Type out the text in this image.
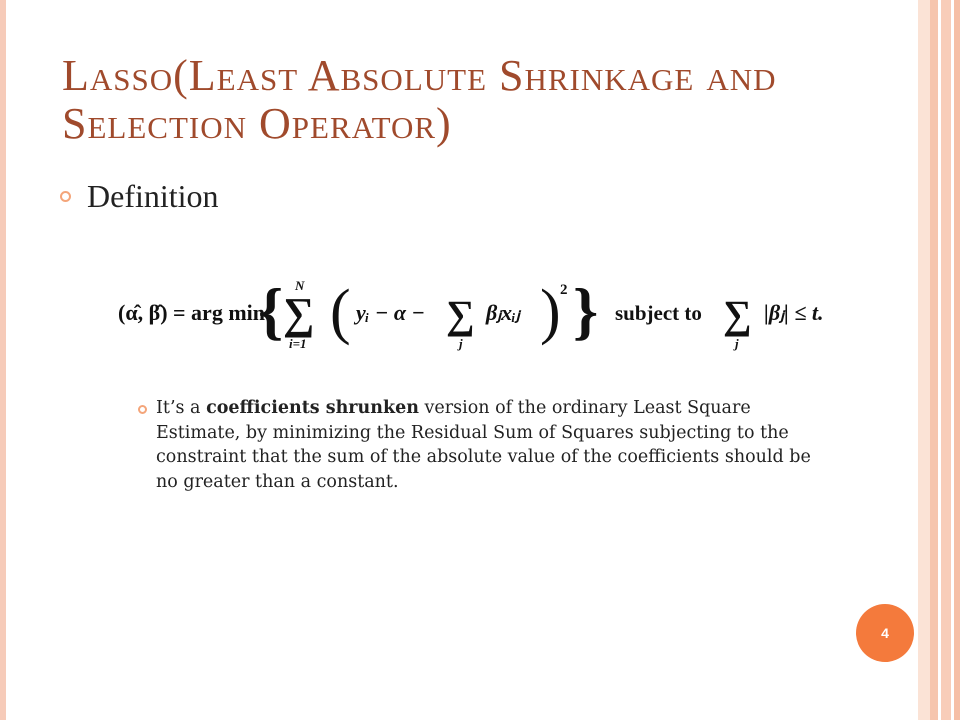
Lasso(Least Absolute Shrinkage and
Selection Operator)
Definition
(α̂, β̂) = arg min
{ N
∑
i=1 ( yᵢ − α − ∑
j
βⱼxᵢⱼ ) 2 } subject to ∑
j
|βⱼ| ≤ t.
It’s a coefficients shrunken version of the ordinary Least Square Estimate, by minimizing the Residual Sum of Squares subjecting to the constraint that the sum of the absolute value of the coefficients should be no greater than a constant.
4
